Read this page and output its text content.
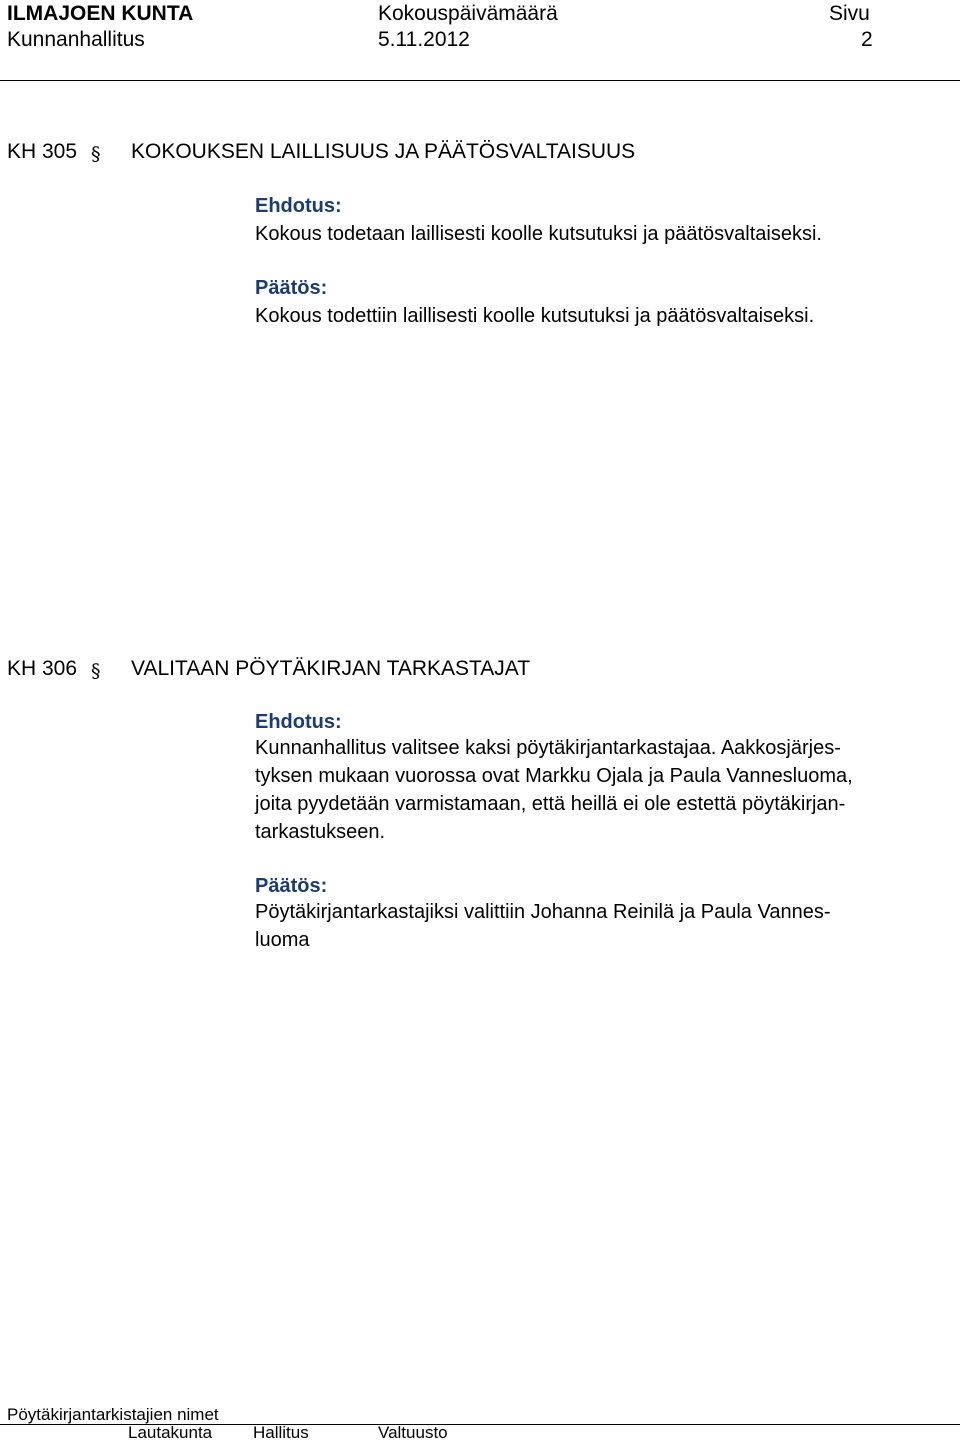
ILMAJOEN KUNTA
Kunnanhallitus
Kokouspäivämäärä
5.11.2012
Sivu
2
KH 305 § KOKOUKSEN LAILLISUUS JA PÄÄTÖSVALTAISUUS
Ehdotus:
Kokous todetaan laillisesti koolle kutsutuksi ja päätösvaltaiseksi.
Päätös:
Kokous todettiin laillisesti koolle kutsutuksi ja päätösvaltaiseksi.
KH 306 § VALITAAN PÖYTÄKIRJAN TARKASTAJAT
Ehdotus:
Kunnanhallitus valitsee kaksi pöytäkirjantarkastajaa. Aakkosjärjes-
tyksen mukaan vuorossa ovat Markku Ojala ja Paula Vannesluoma,
joita pyydetään varmistamaan, että heillä ei ole estettä pöytäkirjan-
tarkastukseen.
Päätös:
Pöytäkirjantarkastajiksi valittiin Johanna Reinilä ja Paula Vannes-
luoma
Pöytäkirjantarkistajien nimet
Lautakunta Hallitus	Valtuusto
